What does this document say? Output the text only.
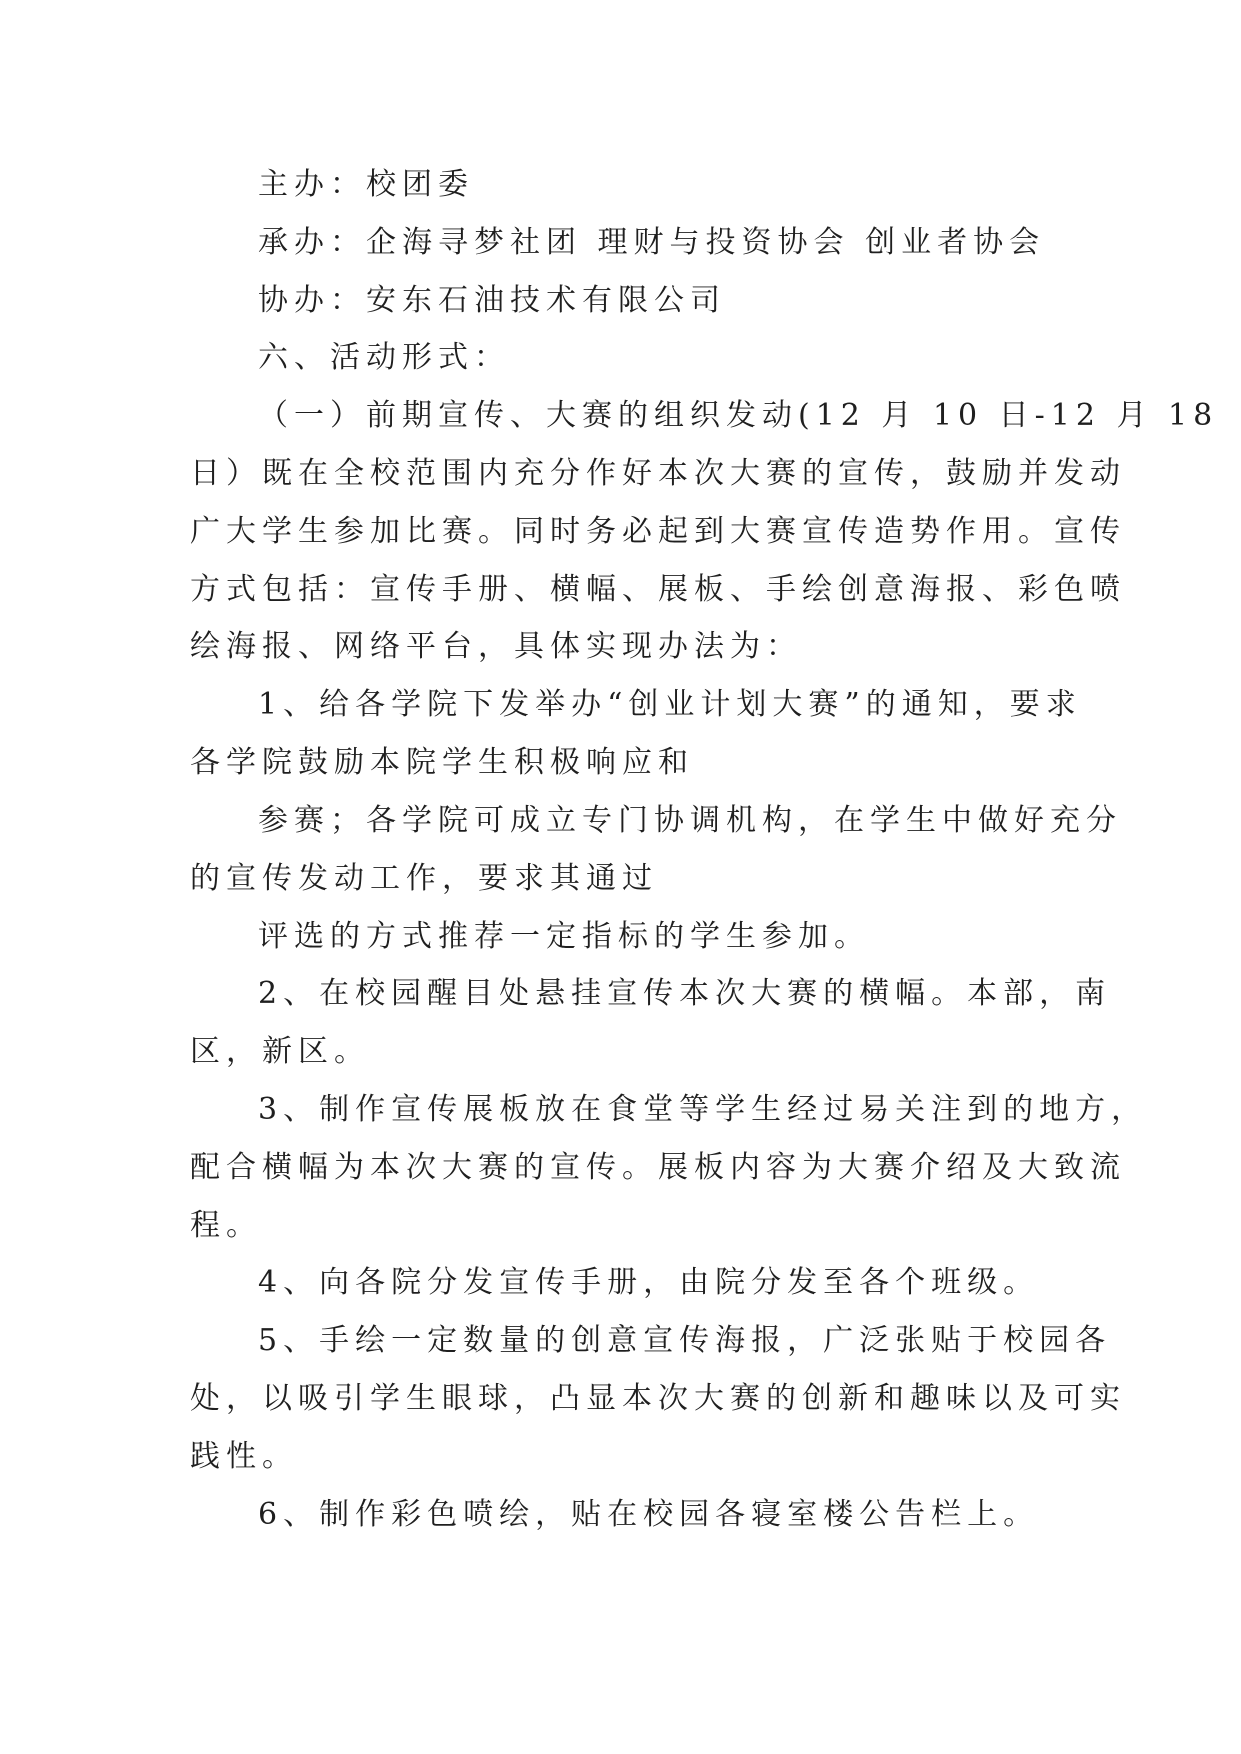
主办：校团委
承办：企海寻梦社团 理财与投资协会 创业者协会
协办：安东石油技术有限公司
六、活动形式：
（一）前期宣传、大赛的组织发动(12 月 10 日-12 月 18
日）既在全校范围内充分作好本次大赛的宣传，鼓励并发动
广大学生参加比赛。同时务必起到大赛宣传造势作用。宣传
方式包括：宣传手册、横幅、展板、手绘创意海报、彩色喷
绘海报、网络平台，具体实现办法为：
1、给各学院下发举办“创业计划大赛”的通知，要求
各学院鼓励本院学生积极响应和
参赛；各学院可成立专门协调机构，在学生中做好充分
的宣传发动工作，要求其通过
评选的方式推荐一定指标的学生参加。
2、在校园醒目处悬挂宣传本次大赛的横幅。本部，南
区，新区。
3、制作宣传展板放在食堂等学生经过易关注到的地方，
配合横幅为本次大赛的宣传。展板内容为大赛介绍及大致流
程。
4、向各院分发宣传手册，由院分发至各个班级。
5、手绘一定数量的创意宣传海报，广泛张贴于校园各
处，以吸引学生眼球，凸显本次大赛的创新和趣味以及可实
践性。
6、制作彩色喷绘，贴在校园各寝室楼公告栏上。
